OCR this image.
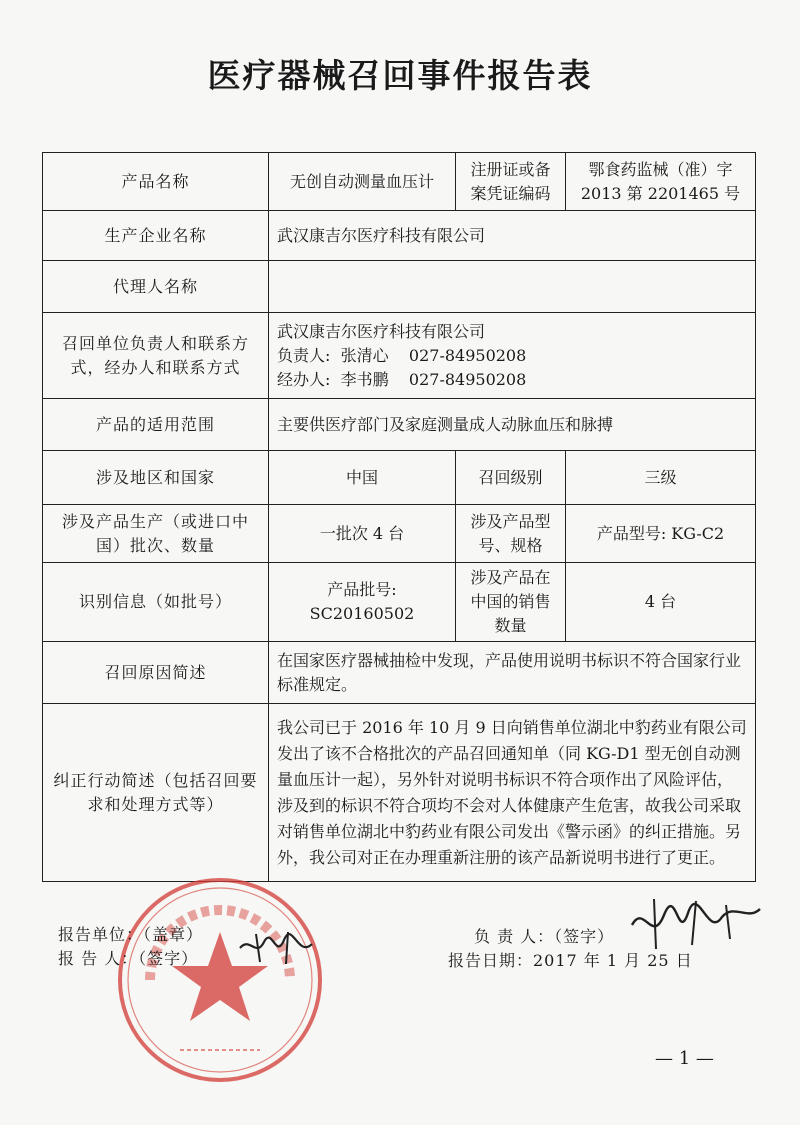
医疗器械召回事件报告表
产品名称	无创自动测量血压计	注册证或备案凭证编码	鄂食药监械（准）字
2013 第 2201465 号

生产企业名称	武汉康吉尔医疗科技有限公司		
代理人名称			
召回单位负责人和联系方式，经办人和联系方式	武汉康吉尔医疗科技有限公司
负责人:  张清心    027-84950208
经办人:  李书鹏    027-84950208		

产品的适用范围	主要供医疗部门及家庭测量成人动脉血压和脉搏		
涉及地区和国家	中国	召回级别	三级
涉及产品生产（或进口中国）批次、数量	一批次 4 台	涉及产品型号、规格	产品型号: KG-C2
识别信息（如批号）	产品批号:
SC20160502	涉及产品在中国的销售数量	4 台
召回原因简述	在国家医疗器械抽检中发现，产品使用说明书标识不符合国家行业标准规定。		
纠正行动简述（包括召回要求和处理方式等）	我公司已于 2016 年 10 月 9 日向销售单位湖北中豹药业有限公司发出了该不合格批次的产品召回通知单（同 KG-D1 型无创自动测量血压计一起），另外针对说明书标识不符合项作出了风险评估，涉及到的标识不符合项均不会对人体健康产生危害，故我公司采取对销售单位湖北中豹药业有限公司发出《警示函》的纠正措施。另外，我公司对正在办理重新注册的该产品新说明书进行了更正。		
报告单位：（盖章）
报 告 人：（签字）
负 责 人：（签字）
报告日期：2017 年 1 月 25 日
— 1 —
